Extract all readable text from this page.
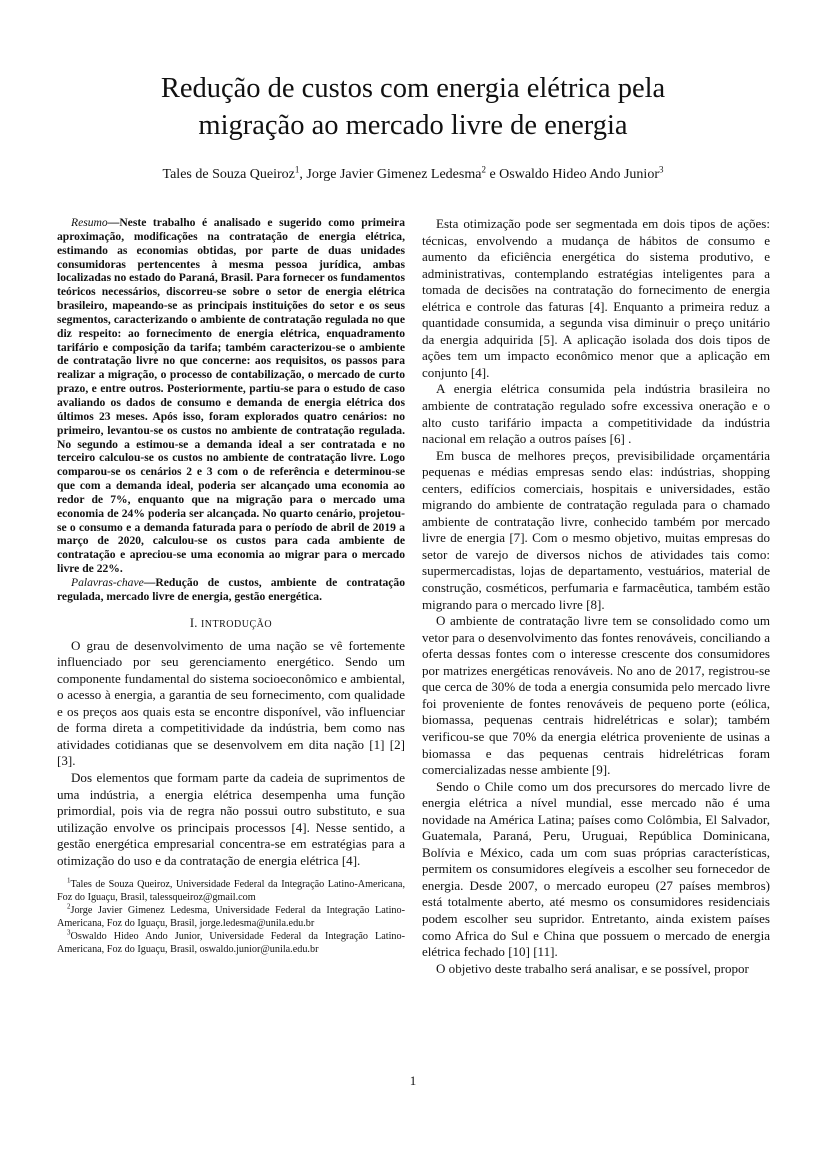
Redução de custos com energia elétrica pela
migração ao mercado livre de energia
Tales de Souza Queiroz$^1$, Jorge Javier Gimenez Ledesma$^2$ e Oswaldo Hideo Ando Junior$^3$

Resumo—Neste trabalho é analisado e sugerido como primeira aproximação, modificações na contratação de energia elétrica, estimando as economias obtidas, por parte de duas unidades consumidoras pertencentes à mesma pessoa jurídica, ambas localizadas no estado do Paraná, Brasil. Para fornecer os fundamentos teóricos necessários, discorreu-se sobre o setor de energia elétrica brasileiro, mapeando-se as principais instituições do setor e os seus segmentos, caracterizando o ambiente de contratação regulada no que diz respeito: ao fornecimento de energia elétrica, enquadramento tarifário e composição da tarifa; também caracterizou-se o ambiente de contratação livre no que concerne: aos requisitos, os passos para realizar a migração, o processo de contabilização, o mercado de curto prazo, e entre outros. Posteriormente, partiu-se para o estudo de caso avaliando os dados de consumo e demanda de energia elétrica dos últimos 23 meses. Após isso, foram explorados quatro cenários: no primeiro, levantou-se os custos no ambiente de contratação regulada. No segundo a estimou-se a demanda ideal a ser contratada e no terceiro calculou-se os custos no ambiente de contratação livre. Logo comparou-se os cenários 2 e 3 com o de referência e determinou-se que com a demanda ideal, poderia ser alcançado uma economia ao redor de 7%, enquanto que na migração para o mercado uma economia de 24% poderia ser alcançada. No quarto cenário, projetou-se o consumo e a demanda faturada para o período de abril de 2019 a março de 2020, calculou-se os custos para cada ambiente de contratação e apreciou-se uma economia ao migrar para o mercado livre de 22%.

Palavras-chave—Redução de custos, ambiente de contratação regulada, mercado livre de energia, gestão energética.

I. INTRODUÇÃO

O grau de desenvolvimento de uma nação se vê fortemente influenciado por seu gerenciamento energético. Sendo um componente fundamental do sistema socioeconômico e ambiental, o acesso à energia, a garantia de seu fornecimento, com qualidade e os preços aos quais esta se encontre disponível, vão influenciar de forma direta a competitividade da indústria, bem como nas atividades cotidianas que se desenvolvem em dita nação [1] [2] [3].

Dos elementos que formam parte da cadeia de suprimentos de uma indústria, a energia elétrica desempenha uma função primordial, pois via de regra não possui outro substituto, e sua utilização envolve os principais processos [4]. Nesse sentido, a gestão energética empresarial concentra-se em estratégias para a otimização do uso e da contratação de energia elétrica [4].

$^1$Tales de Souza Queiroz, Universidade Federal da Integração Latino-Americana, Foz do Iguaçu, Brasil, talessqueiroz@gmail.com

$^2$Jorge Javier Gimenez Ledesma, Universidade Federal da Integração Latino-Americana, Foz do Iguaçu, Brasil, jorge.ledesma@unila.edu.br

$^3$Oswaldo Hideo Ando Junior, Universidade Federal da Integração Latino-Americana, Foz do Iguaçu, Brasil, oswaldo.junior@unila.edu.br

Esta otimização pode ser segmentada em dois tipos de ações: técnicas, envolvendo a mudança de hábitos de consumo e aumento da eficiência energética do sistema produtivo, e administrativas, contemplando estratégias inteligentes para a tomada de decisões na contratação do fornecimento de energia elétrica e controle das faturas [4]. Enquanto a primeira reduz a quantidade consumida, a segunda visa diminuir o preço unitário da energia adquirida [5]. A aplicação isolada dos dois tipos de ações tem um impacto econômico menor que a aplicação em conjunto [4].

A energia elétrica consumida pela indústria brasileira no ambiente de contratação regulado sofre excessiva oneração e o alto custo tarifário impacta a competitividade da indústria nacional em relação a outros países [6] .

Em busca de melhores preços, previsibilidade orçamentária pequenas e médias empresas sendo elas: indústrias, shopping centers, edifícios comerciais, hospitais e universidades, estão migrando do ambiente de contratação regulada para o chamado ambiente de contratação livre, conhecido também por mercado livre de energia [7]. Com o mesmo objetivo, muitas empresas do setor de varejo de diversos nichos de atividades tais como: supermercadistas, lojas de departamento, vestuários, material de construção, cosméticos, perfumaria e farmacêutica, também estão migrando para o mercado livre [8].

O ambiente de contratação livre tem se consolidado como um vetor para o desenvolvimento das fontes renováveis, conciliando a oferta dessas fontes com o interesse crescente dos consumidores por matrizes energéticas renováveis. No ano de 2017, registrou-se que cerca de 30% de toda a energia consumida pelo mercado livre foi proveniente de fontes renováveis de pequeno porte (eólica, biomassa, pequenas centrais hidrelétricas e solar); também verificou-se que 70% da energia elétrica proveniente de usinas a biomassa e das pequenas centrais hidrelétricas foram comercializadas nesse ambiente [9].

Sendo o Chile como um dos precursores do mercado livre de energia elétrica a nível mundial, esse mercado não é uma novidade na América Latina; países como Colômbia, El Salvador, Guatemala, Paraná, Peru, Uruguai, República Dominicana, Bolívia e México, cada um com suas próprias características, permitem os consumidores elegíveis a escolher seu fornecedor de energia. Desde 2007, o mercado europeu (27 países membros) está totalmente aberto, até mesmo os consumidores residenciais podem escolher seu supridor. Entretanto, ainda existem países como Africa do Sul e China que possuem o mercado de energia elétrica fechado [10] [11].

O objetivo deste trabalho será analisar, e se possível, propor

1
